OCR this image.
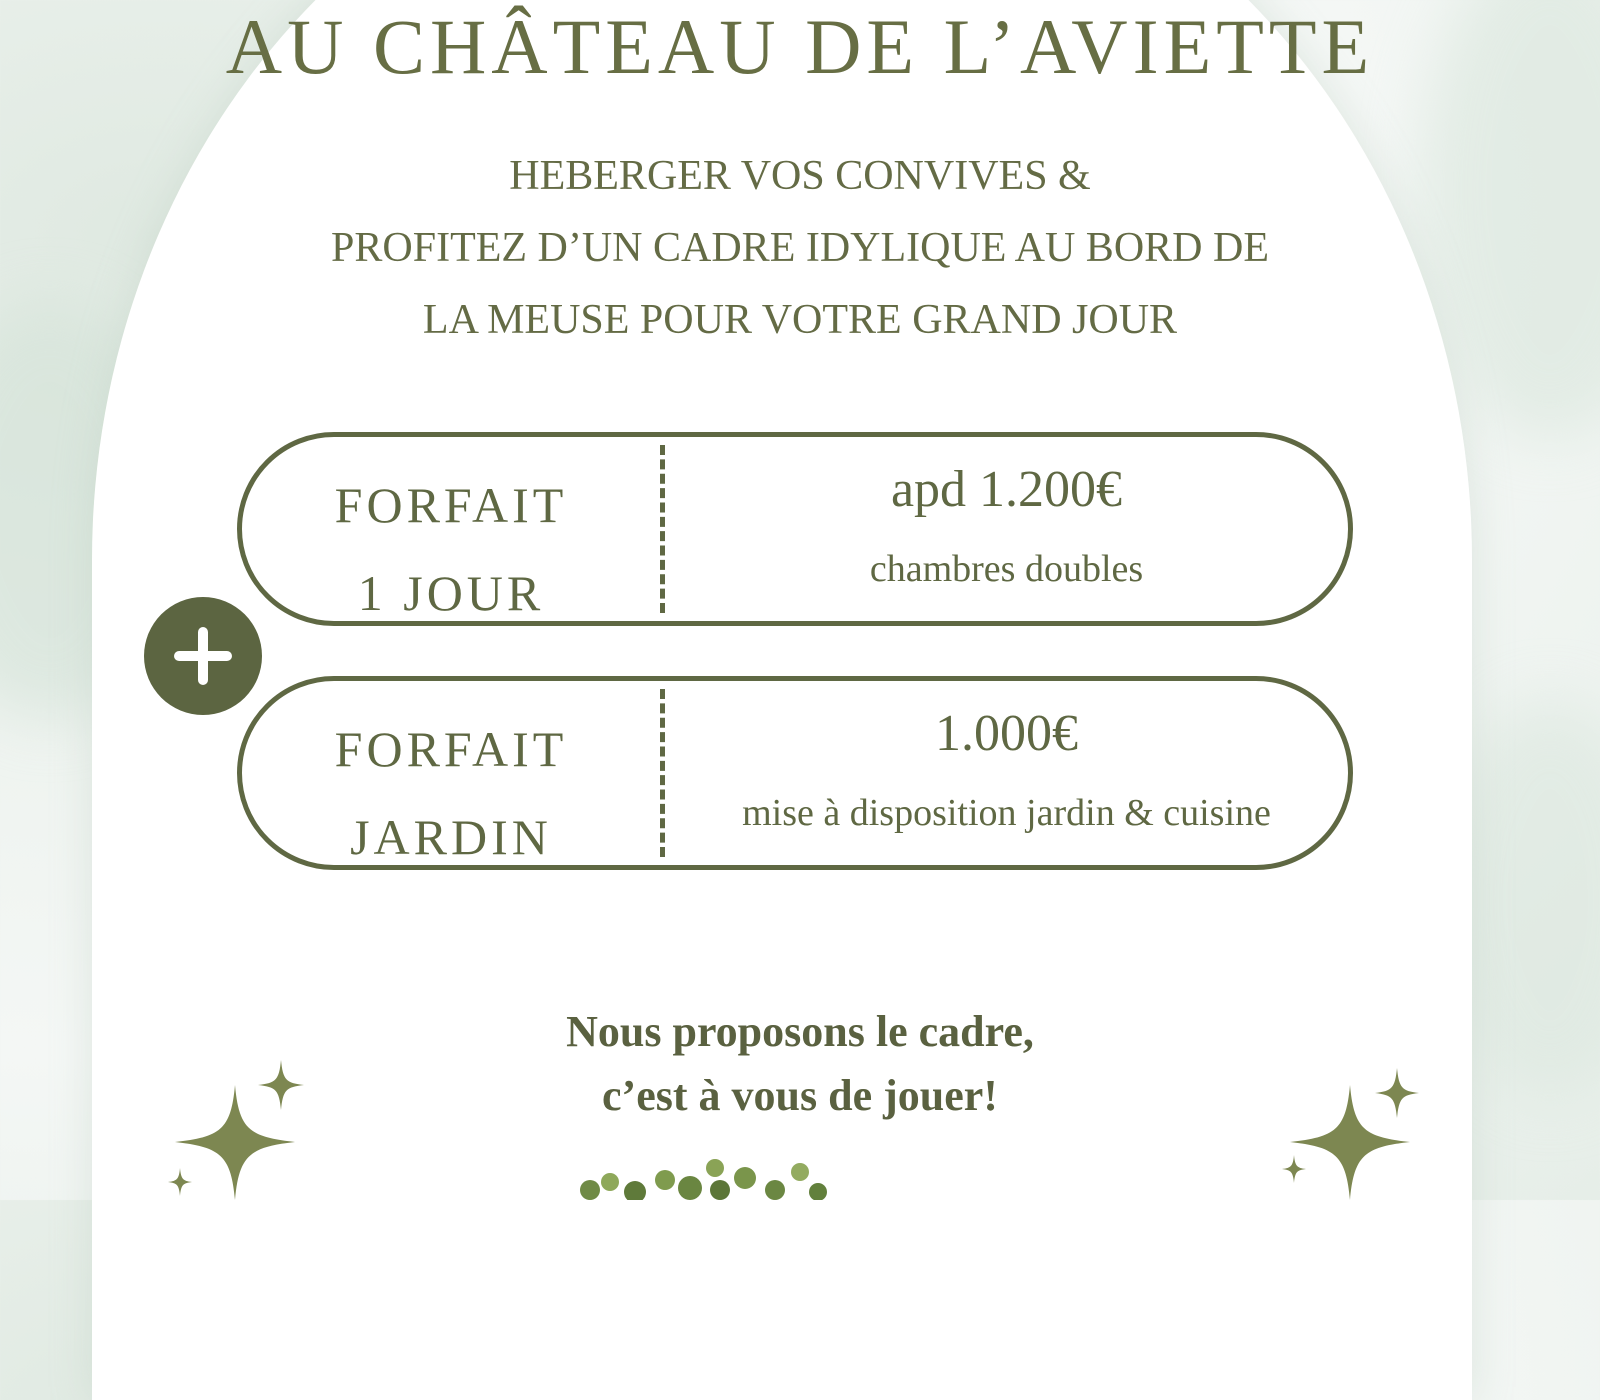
AU CHÂTEAU DE L’AVIETTE
HEBERGER VOS CONVIVES &
PROFITEZ D’UN CADRE IDYLIQUE AU BORD DE
LA MEUSE POUR VOTRE GRAND JOUR
FORFAIT
1 JOUR
apd 1.200€
chambres doubles
FORFAIT
JARDIN
1.000€
mise à disposition jardin & cuisine
Nous proposons le cadre,
c’est à vous de jouer!
